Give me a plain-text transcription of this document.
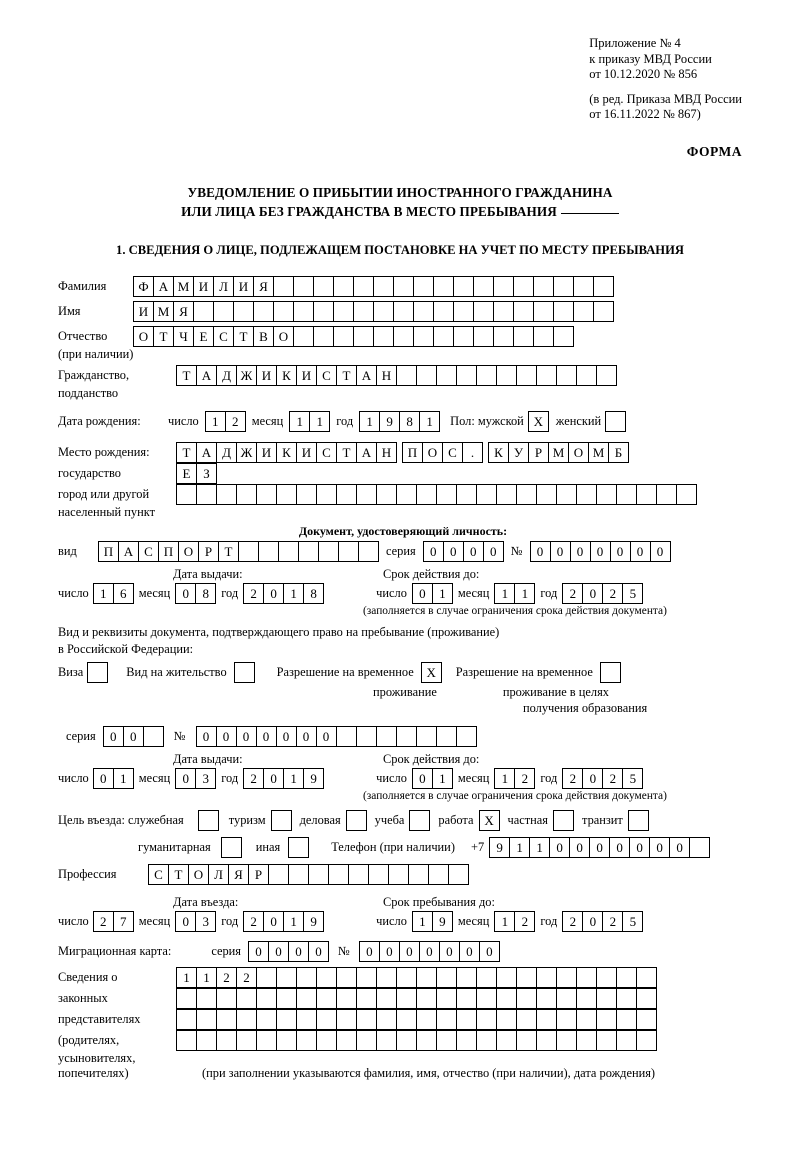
Приложение № 4
к приказу МВД России
от 10.12.2020 № 856
(в ред. Приказа МВД России
от 16.11.2022 № 867)
ФОРМА
УВЕДОМЛЕНИЕ О ПРИБЫТИИ ИНОСТРАННОГО ГРАЖДАНИНА
ИЛИ ЛИЦА БЕЗ ГРАЖДАНСТВА В МЕСТО ПРЕБЫВАНИЯ
1. СВЕДЕНИЯ О ЛИЦЕ, ПОДЛЕЖАЩЕМ ПОСТАНОВКЕ НА УЧЕТ ПО МЕСТУ ПРЕБЫВАНИЯ
Фамилия	Ф А М И Л И Я
Имя	И М Я
Отчество	О Т Ч Е С Т В О
(при наличии)
Гражданство,	Т А Д Ж И К И С Т А Н
подданство
Дата рождения:	число	1	2	месяц	1	1	год	1	9	8	1	Пол: мужской X	женский
Место рождения:	Т А Д Ж И К И С Т А Н	П О С	.	К У Р М О М Б
государство	Е З
город или другой
населенный пункт
Документ, удостоверяющий личность:
вид	П А С П О Р Т	серия	0	0	0	0	№	0	0	0	0	0	0	0
Дата выдачи:	Срок действия до:
число 1	6 месяц 0	8 год 2	0	1	8	число 0	1 месяц 1	1 год 2	0	2	5
(заполняется в случае ограничения срока действия документа)
Вид и реквизиты документа, подтверждающего право на пребывание (проживание)
в Российской Федерации:
Виза	Вид на жительство	Разрешение на временное X	Разрешение на временное
проживание	проживание в целях
получения образования
серия	0	0	№	0	0	0	0	0	0	0
Дата выдачи:	Срок действия до:
число 0	1 месяц 0	3 год 2	0	1	9	число 0	1 месяц 1	2 год 2	0	2	5
(заполняется в случае ограничения срока действия документа)
Цель въезда: служебная	туризм	деловая	учеба	работа X	частная	транзит
гуманитарная	иная	Телефон (при наличии) +7 9	1	1	0	0	0	0	0	0	0
Профессия	С Т О Л Я Р
Дата въезда:	Срок пребывания до:
число 2	7 месяц 0	3 год 2	0	1	9	число 1	9 месяц 1	2 год 2	0	2	5
Миграционная карта:	серия	0	0	0	0	№	0	0	0	0	0	0	0
Сведения о	1	1	2	2
законных
представителях
(родителях,
усыновителях,
попечителях)	(при заполнении указываются фамилия, имя, отчество (при наличии), дата рождения)
